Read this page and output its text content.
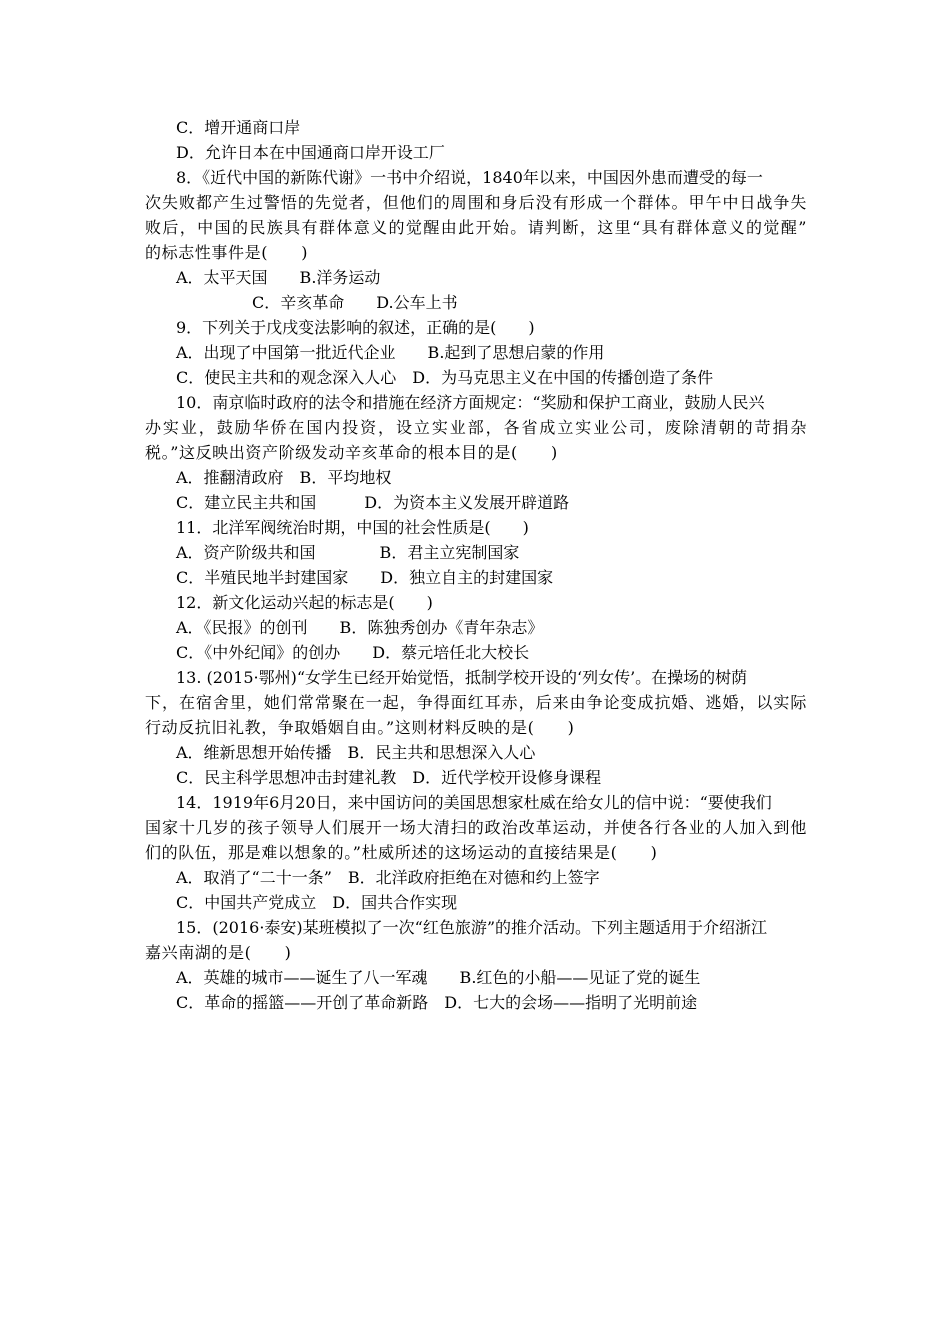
C．增开通商口岸
D．允许日本在中国通商口岸开设工厂
8．《近代中国的新陈代谢》一书中介绍说，1840年以来，中国因外患而遭受的每一
次失败都产生过警悟的先觉者，但他们的周围和身后没有形成一个群体。甲午中日战争失
败后，中国的民族具有群体意义的觉醒由此开始。请判断，这里“具有群体意义的觉醒”
的标志性事件是(　　)
A．太平天国　　B.洋务运动
C．辛亥革命　　D.公车上书
9．下列关于戊戌变法影响的叙述，正确的是(　　)
A．出现了中国第一批近代企业　　B.起到了思想启蒙的作用
C．使民主共和的观念深入人心　D．为马克思主义在中国的传播创造了条件
10．南京临时政府的法令和措施在经济方面规定：“奖励和保护工商业，鼓励人民兴
办实业，鼓励华侨在国内投资，设立实业部，各省成立实业公司，废除清朝的苛捐杂
税。”这反映出资产阶级发动辛亥革命的根本目的是(　　)
A．推翻清政府　B．平均地权
C．建立民主共和国　　　D．为资本主义发展开辟道路
11．北洋军阀统治时期，中国的社会性质是(　　)
A．资产阶级共和国　　　　B．君主立宪制国家
C．半殖民地半封建国家　　D．独立自主的封建国家
12．新文化运动兴起的标志是(　　)
A．《民报》的创刊　　B．陈独秀创办《青年杂志》
C．《中外纪闻》的创办　　D．蔡元培任北大校长
13. (2015·鄂州)“女学生已经开始觉悟，抵制学校开设的‘列女传’。在操场的树荫
下，在宿舍里，她们常常聚在一起，争得面红耳赤，后来由争论变成抗婚、逃婚，以实际
行动反抗旧礼教，争取婚姻自由。”这则材料反映的是(　　)
A．维新思想开始传播　B．民主共和思想深入人心
C．民主科学思想冲击封建礼教　D．近代学校开设修身课程
14．1919年6月20日，来中国访问的美国思想家杜威在给女儿的信中说：“要使我们
国家十几岁的孩子领导人们展开一场大清扫的政治改革运动，并使各行各业的人加入到他
们的队伍，那是难以想象的。”杜威所述的这场运动的直接结果是(　　)
A．取消了“二十一条”　B．北洋政府拒绝在对德和约上签字
C．中国共产党成立　D．国共合作实现
15．(2016·泰安)某班模拟了一次“红色旅游”的推介活动。下列主题适用于介绍浙江
嘉兴南湖的是(　　)
A．英雄的城市——诞生了八一军魂　　B.红色的小船——见证了党的诞生
C．革命的摇篮——开创了革命新路　D．七大的会场——指明了光明前途
